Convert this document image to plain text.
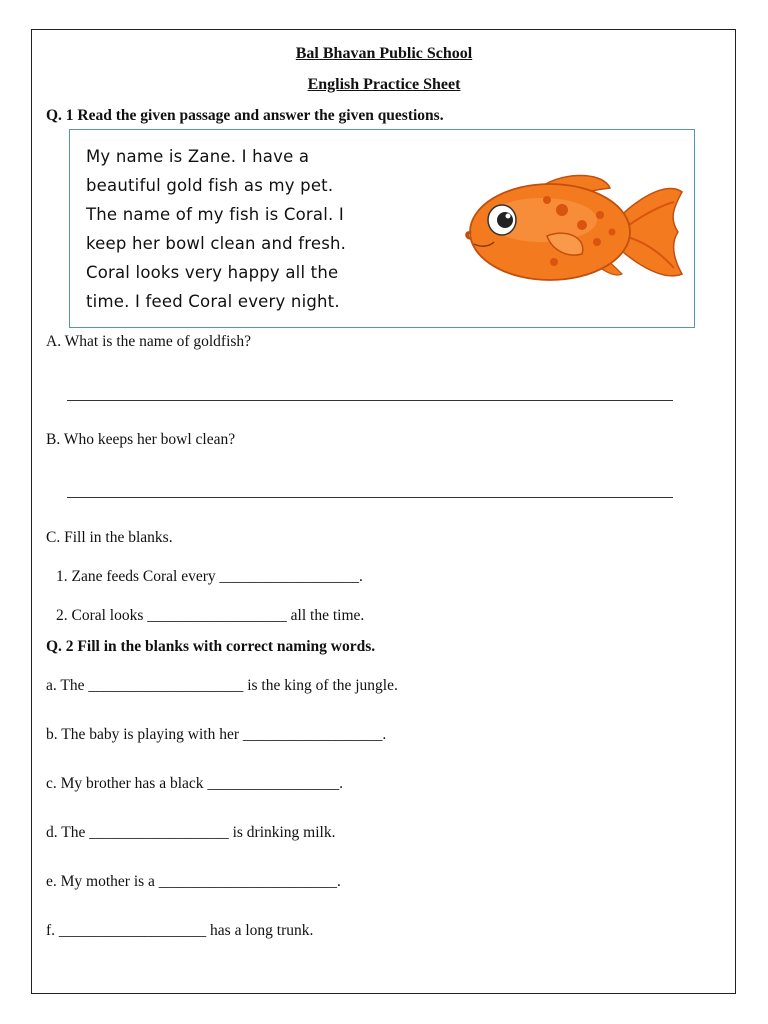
Bal Bhavan Public School
English Practice Sheet
Q. 1 Read the given passage and answer the given questions.
My name is Zane. I have a
beautiful gold fish as my pet.
The name of my fish is Coral. I
keep her bowl clean and fresh.
Coral looks very happy all the
time. I feed Coral every night.
A. What is the name of goldfish?
B. Who keeps her bowl clean?
C. Fill in the blanks.
1. Zane feeds Coral every __________________.
2. Coral looks __________________ all the time.
Q. 2 Fill in the blanks with correct naming words.
a. The ____________________ is the king of the jungle.
b. The baby is playing with her __________________.
c. My brother has a black _________________.
d. The __________________ is drinking milk.
e. My mother is a _______________________.
f. ___________________ has a long trunk.
